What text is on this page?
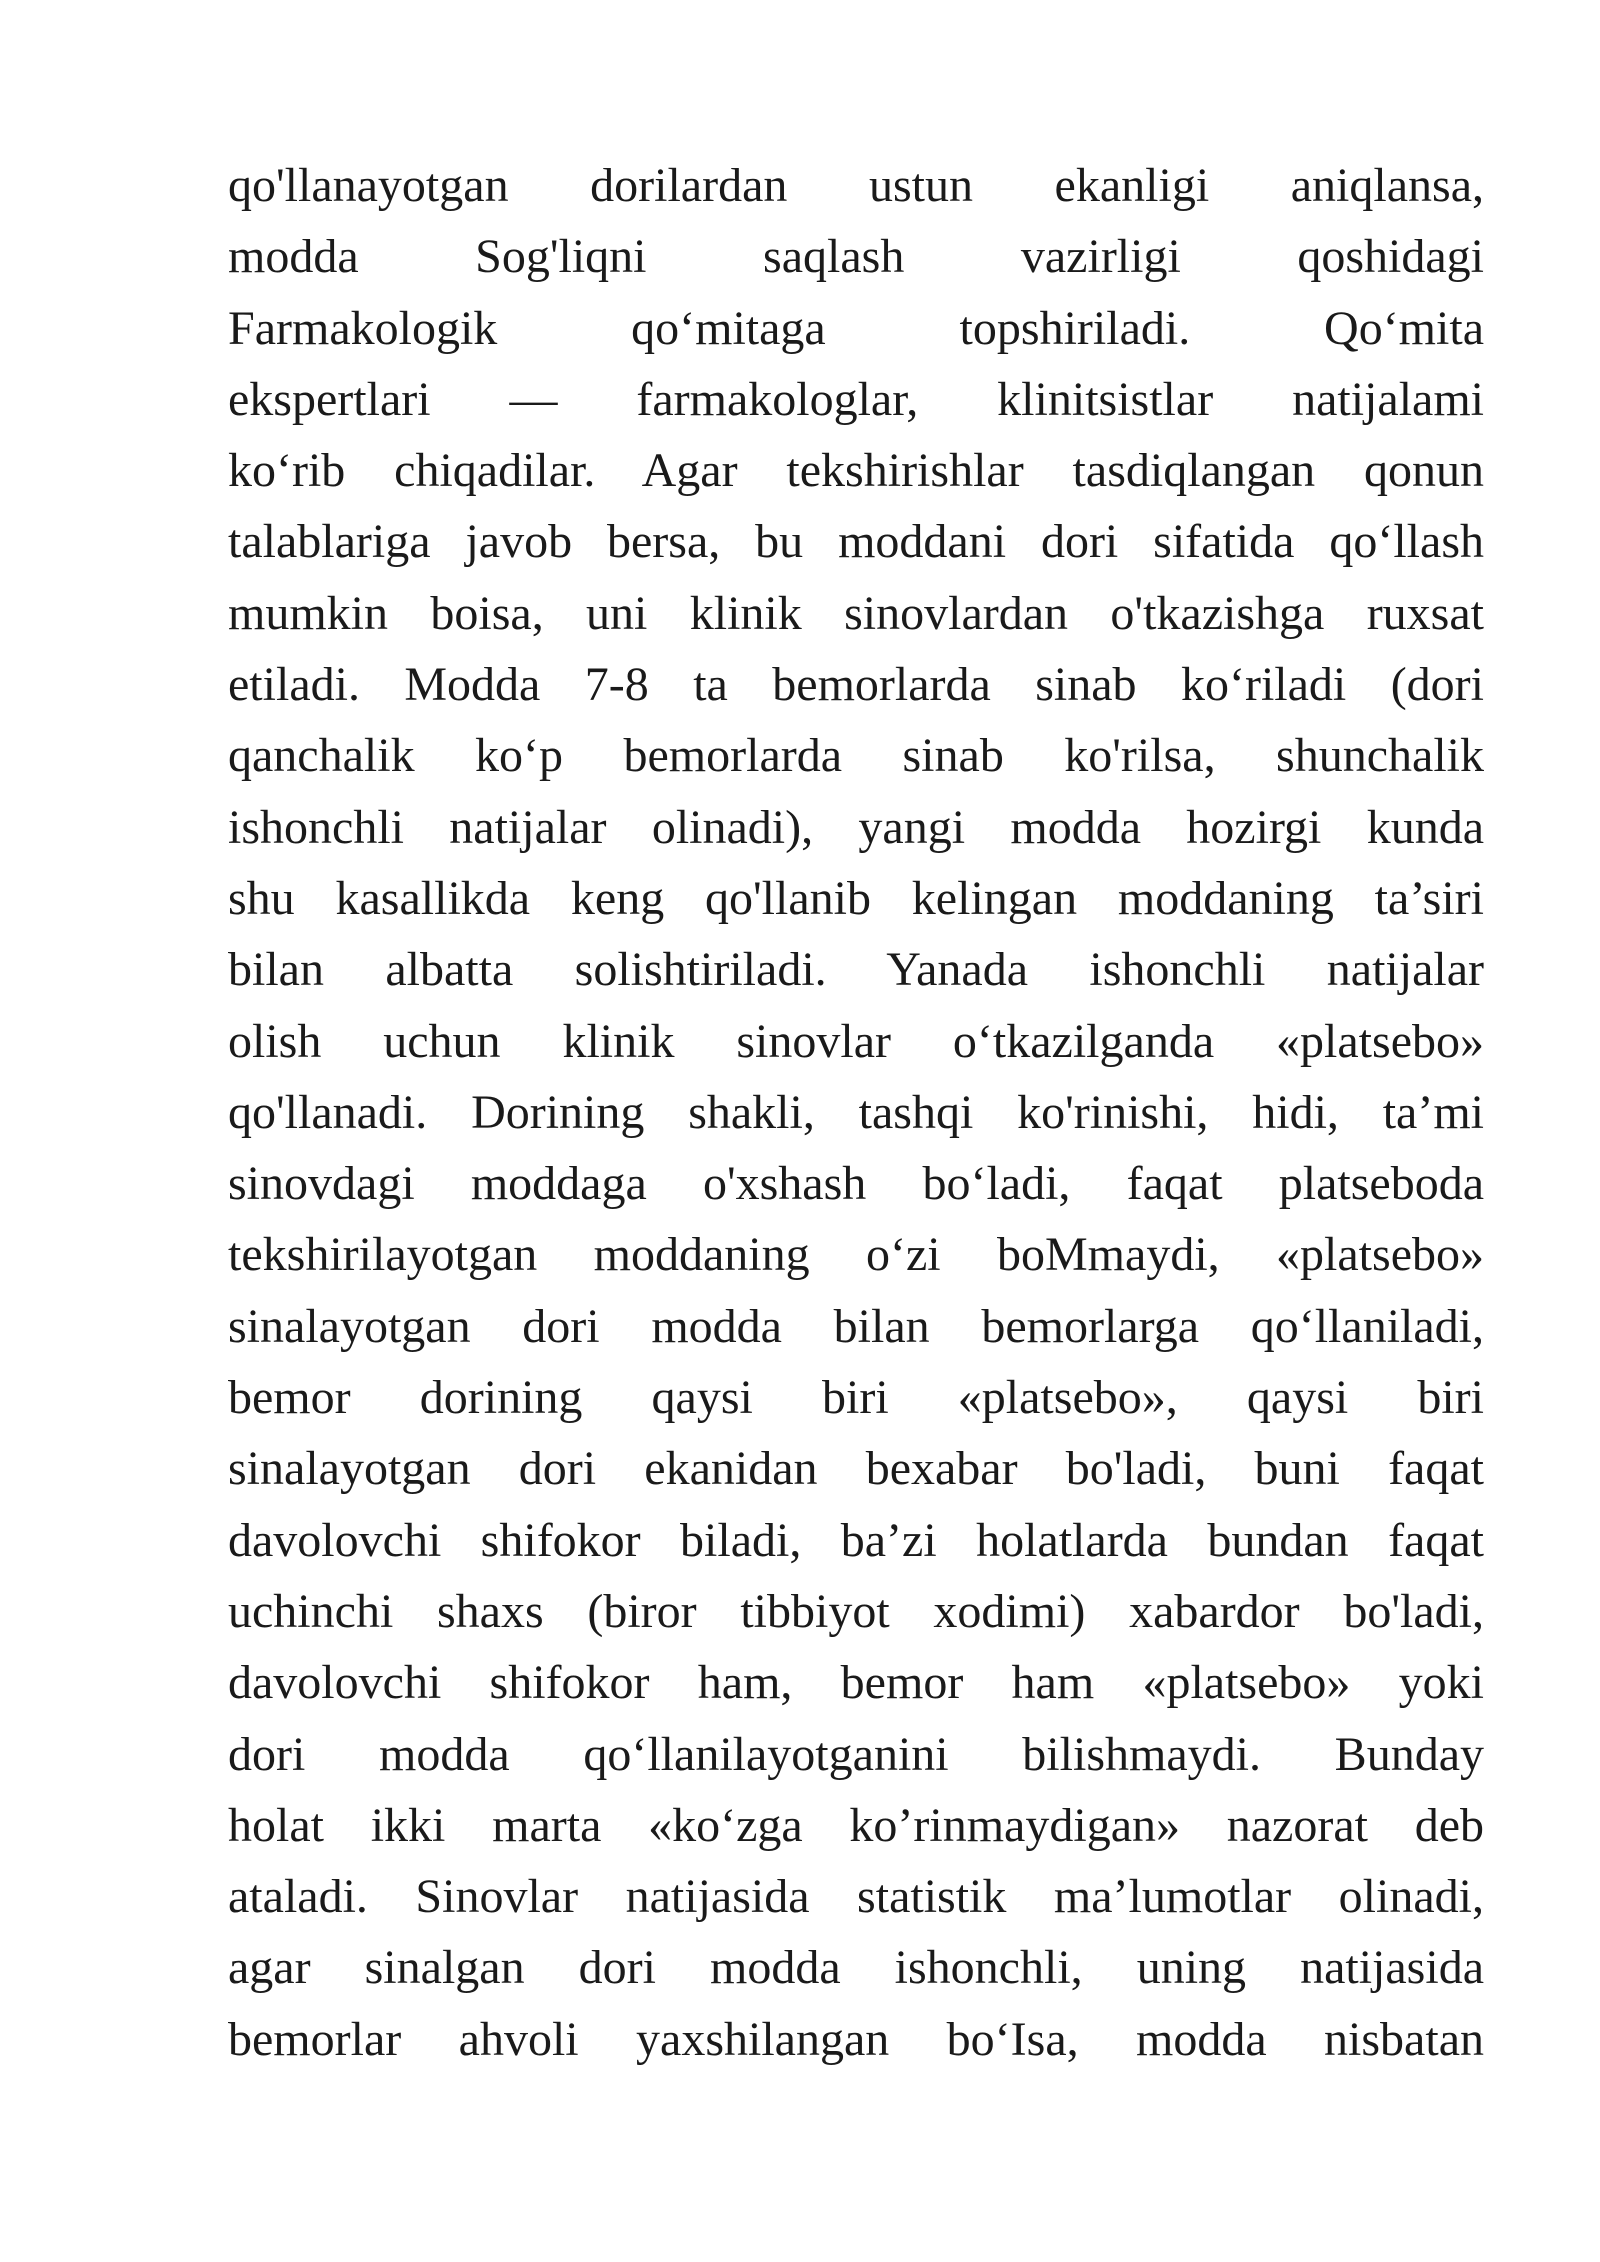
qo'llanayotgan dorilardan ustun ekanligi aniqlansa,
modda Sog'liqni saqlash vazirligi qoshidagi
Farmakologik qo‘mitaga topshiriladi. Qo‘mita
ekspertlari — farmakologlar, klinitsistlar natijalami
ko‘rib chiqadilar. Agar tekshirishlar tasdiqlangan qonun
talablariga javob bersa, bu moddani dori sifatida qo‘llash
mumkin boisa, uni klinik sinovlardan o'tkazishga ruxsat
etiladi. Modda 7-8 ta bemorlarda sinab ko‘riladi (dori
qanchalik ko‘p bemorlarda sinab ko'rilsa, shunchalik
ishonchli natijalar olinadi), yangi modda hozirgi kunda
shu kasallikda keng qo'llanib kelingan moddaning ta’siri
bilan albatta solishtiriladi. Yanada ishonchli natijalar
olish uchun klinik sinovlar o‘tkazilganda «platsebo»
qo'llanadi. Dorining shakli, tashqi ko'rinishi, hidi, ta’mi
sinovdagi moddaga o'xshash bo‘ladi, faqat platseboda
tekshirilayotgan moddaning o‘zi boMmaydi, «platsebo»
sinalayotgan dori modda bilan bemorlarga qo‘llaniladi,
bemor dorining qaysi biri «platsebo», qaysi biri
sinalayotgan dori ekanidan bexabar bo'ladi, buni faqat
davolovchi shifokor biladi, ba’zi holatlarda bundan faqat
uchinchi shaxs (biror tibbiyot xodimi) xabardor bo'ladi,
davolovchi shifokor ham, bemor ham «platsebo» yoki
dori modda qo‘llanilayotganini bilishmaydi. Bunday
holat ikki marta «ko‘zga ko’rinmaydigan» nazorat deb
ataladi. Sinovlar natijasida statistik ma’lumotlar olinadi,
agar sinalgan dori modda ishonchli, uning natijasida
bemorlar ahvoli yaxshilangan bo‘Isa, modda nisbatan
